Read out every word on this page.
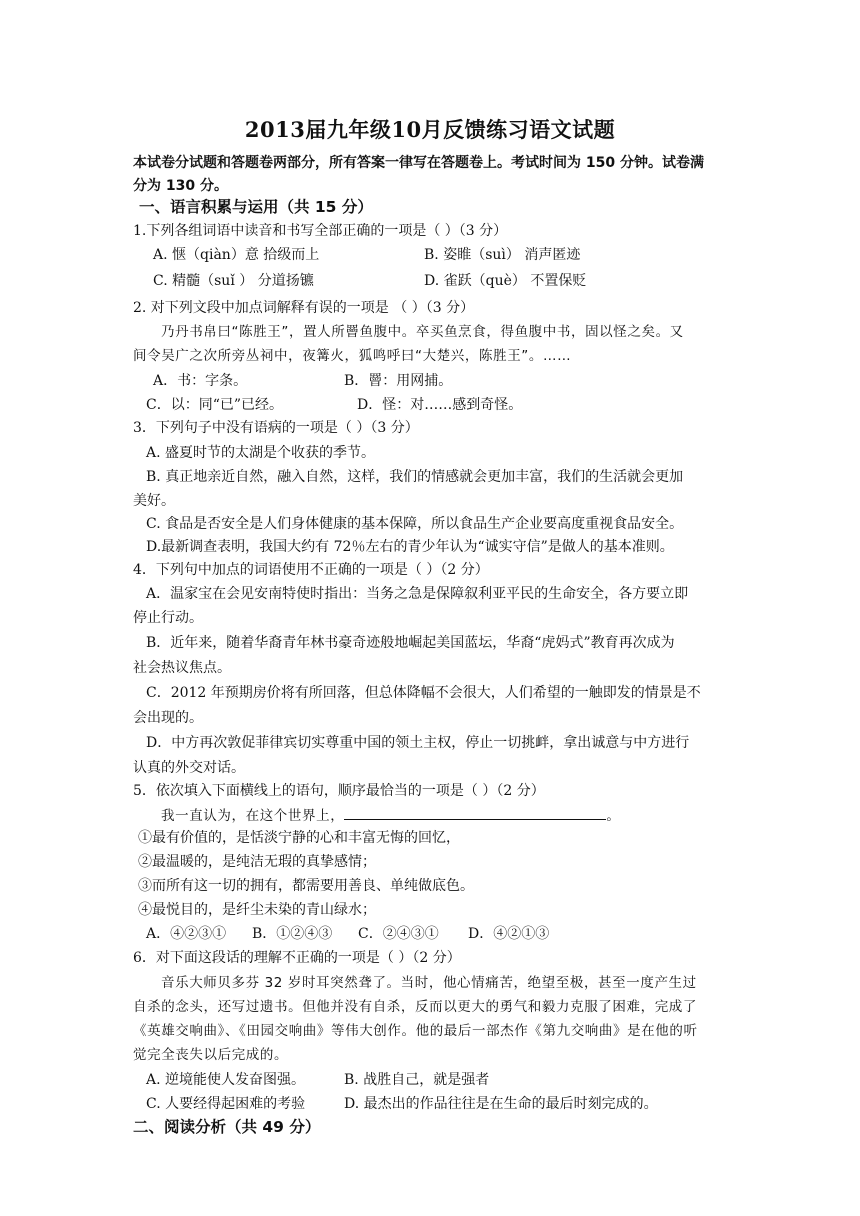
2013届九年级10月反馈练习语文试题
本试卷分试题和答题卷两部分，所有答案一律写在答题卷上。考试时间为 150 分钟。试卷满
分为 130 分。
一、语言积累与运用（共 15 分）
1.下列各组词语中读音和书写全部正确的一项是（ ）（3 分）
A. 惬（qiàn）意 拾级而上	B. 姿睢（suì） 消声匿迹
C. 精髓（suǐ ） 分道扬镳	D. 雀跃（què） 不置保贬
2. 对下列文段中加点词解释有误的一项是 （ ）（3 分）
乃丹书帛曰“陈胜王”，置人所罾鱼腹中。卒买鱼烹食，得鱼腹中书，固以怪之矣。又
间令吴广之次所旁丛祠中，夜篝火，狐鸣呼曰“大楚兴，陈胜王”。……
A．书：字条。	B．罾：用网捕。
C．以：同“已”已经。	D．怪：对……感到奇怪。
3．下列句子中没有语病的一项是（ ）（3 分）
A. 盛夏时节的太湖是个收获的季节。
B. 真正地亲近自然，融入自然，这样，我们的情感就会更加丰富，我们的生活就会更加
美好。
C. 食品是否安全是人们身体健康的基本保障，所以食品生产企业要高度重视食品安全。
D.最新调查表明，我国大约有 72％左右的青少年认为“诚实守信”是做人的基本准则。
4．下列句中加点的词语使用不正确的一项是（ ）（2 分）
A．温家宝在会见安南特使时指出：当务之急是保障叙利亚平民的生命安全，各方要立即
停止行动。
B．近年来，随着华裔青年林书豪奇迹般地崛起美国蓝坛，华裔“虎妈式”教育再次成为
社会热议焦点。
C．2012 年预期房价将有所回落，但总体降幅不会很大，人们希望的一触即发的情景是不
会出现的。
D．中方再次敦促菲律宾切实尊重中国的领土主权，停止一切挑衅，拿出诚意与中方进行
认真的外交对话。
5．依次填入下面横线上的语句，顺序最恰当的一项是（ ）（2 分）
我一直认为，在这个世界上，	。
①最有价值的，是恬淡宁静的心和丰富无悔的回忆，
②最温暖的，是纯洁无瑕的真挚感情；
③而所有这一切的拥有，都需要用善良、单纯做底色。
④最悦目的，是纤尘未染的青山绿水；
A．④②③① B．①②④③ C．②④③① D．④②①③
6．对下面这段话的理解不正确的一项是（ ）（2 分）
音乐大师贝多芬 32 岁时耳突然聋了。当时，他心情痛苦，绝望至极，甚至一度产生过
自杀的念头，还写过遗书。但他并没有自杀，反而以更大的勇气和毅力克服了困难，完成了
《英雄交响曲》、《田园交响曲》等伟大创作。他的最后一部杰作《第九交响曲》是在他的听
觉完全丧失以后完成的。
A. 逆境能使人发奋图强。	B. 战胜自己，就是强者
C. 人要经得起困难的考验	D. 最杰出的作品往往是在生命的最后时刻完成的。
二、阅读分析（共 49 分）
